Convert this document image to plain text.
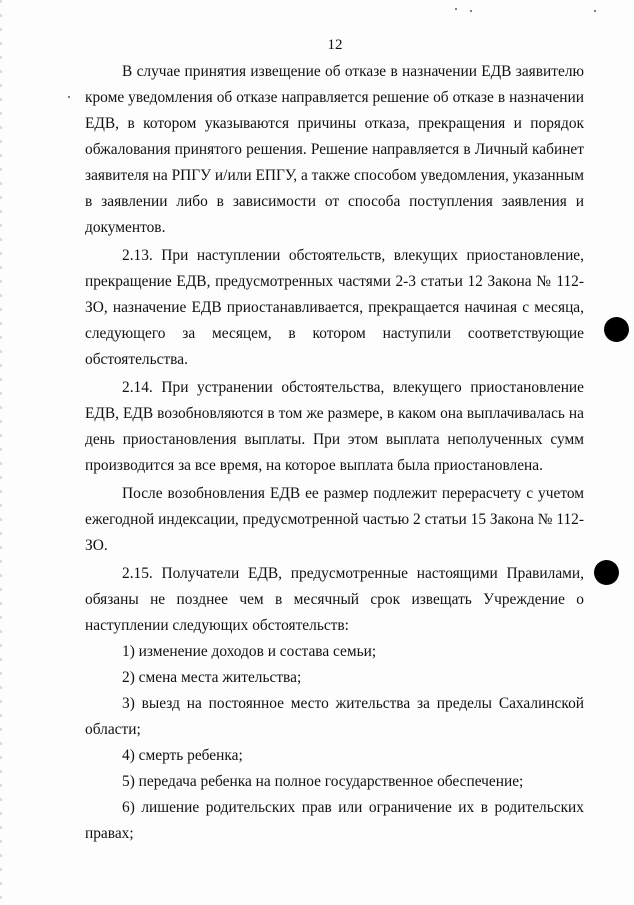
12

В случае принятия извещение об отказе в назначении ЕДВ заявителю кроме уведомления об отказе направляется решение об отказе в назначении ЕДВ, в котором указываются причины отказа, прекращения и порядок обжалования принятого решения. Решение направляется в Личный кабинет заявителя на РПГУ и/или ЕПГУ, а также способом уведомления, указанным в заявлении либо в зависимости от способа поступления заявления и документов.

2.13. При наступлении обстоятельств, влекущих приостановление, прекращение ЕДВ, предусмотренных частями 2-3 статьи 12 Закона № 112-ЗО, назначение ЕДВ приостанавливается, прекращается начиная с месяца, следующего за месяцем, в котором наступили соответствующие обстоятельства.

2.14. При устранении обстоятельства, влекущего приостановление ЕДВ, ЕДВ возобновляются в том же размере, в каком она выплачивалась на день приостановления выплаты. При этом выплата неполученных сумм производится за все время, на которое выплата была приостановлена.

После возобновления ЕДВ ее размер подлежит перерасчету с учетом ежегодной индексации, предусмотренной частью 2 статьи 15 Закона № 112-ЗО.

2.15. Получатели ЕДВ, предусмотренные настоящими Правилами, обязаны не позднее чем в месячный срок извещать Учреждение о наступлении следующих обстоятельств:

1) изменение доходов и состава семьи;

2) смена места жительства;

3) выезд на постоянное место жительства за пределы Сахалинской области;

4) смерть ребенка;

5) передача ребенка на полное государственное обеспечение;

6) лишение родительских прав или ограничение их в родительских правах;
